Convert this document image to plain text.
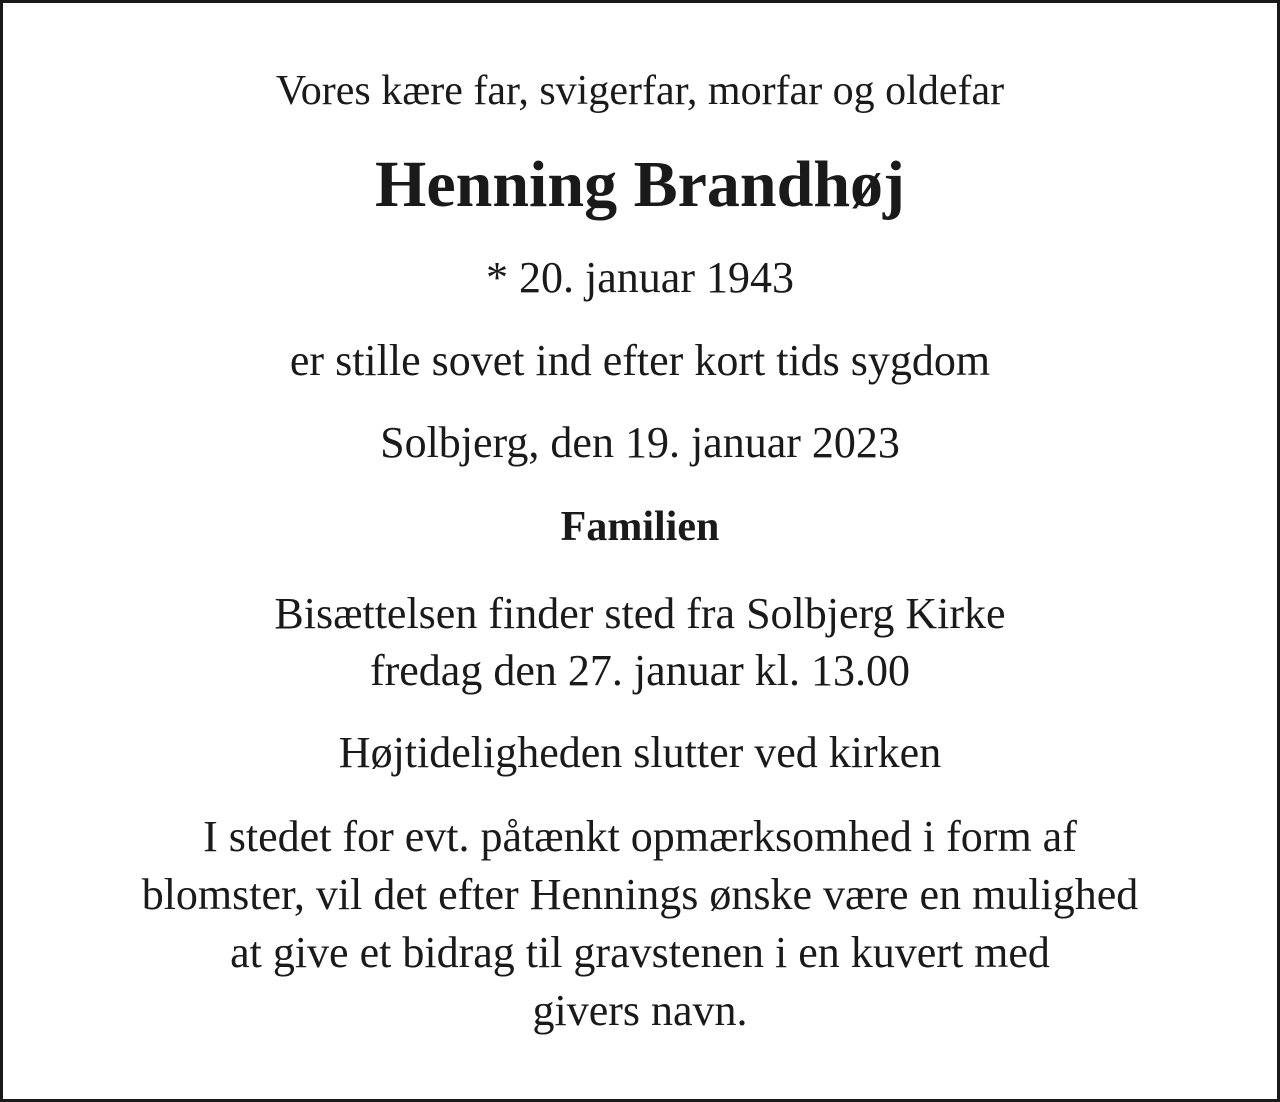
Vores kære far, svigerfar, morfar og oldefar

Henning Brandhøj

* 20. januar 1943

er stille sovet ind efter kort tids sygdom

Solbjerg, den 19. januar 2023

Familien

Bisættelsen finder sted fra Solbjerg Kirke

fredag den 27. januar kl. 13.00

Højtideligheden slutter ved kirken

I stedet for evt. påtænkt opmærksomhed i form af

blomster, vil det efter Hennings ønske være en mulighed

at give et bidrag til gravstenen i en kuvert med

givers navn.
